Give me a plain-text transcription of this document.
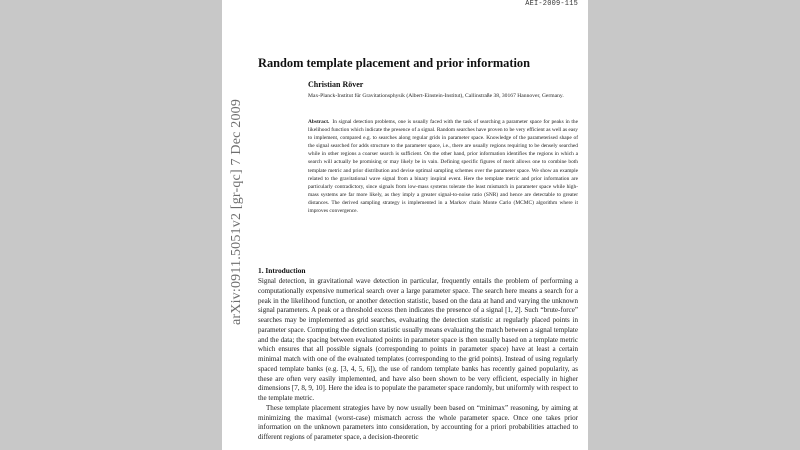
AEI-2009-115
Random template placement and prior information
Christian Röver
Max-Planck-Institut für Gravitationsphysik (Albert-Einstein-Institut), Callinstraße 38, 30167 Hannover, Germany.
Abstract. In signal detection problems, one is usually faced with the task of searching a parameter space for peaks in the likelihood function which indicate the presence of a signal. Random searches have proven to be very efficient as well as easy to implement, compared e.g. to searches along regular grids in parameter space. Knowledge of the parameterised shape of the signal searched for adds structure to the parameter space, i.e., there are usually regions requiring to be densely searched while in other regions a coarser search is sufficient. On the other hand, prior information identifies the regions in which a search will actually be promising or may likely be in vain. Defining specific figures of merit allows one to combine both template metric and prior distribution and devise optimal sampling schemes over the parameter space. We show an example related to the gravitational wave signal from a binary inspiral event. Here the template metric and prior information are particularly contradictory, since signals from low-mass systems tolerate the least mismatch in parameter space while high-mass systems are far more likely, as they imply a greater signal-to-noise ratio (SNR) and hence are detectable to greater distances. The derived sampling strategy is implemented in a Markov chain Monte Carlo (MCMC) algorithm where it improves convergence.
1. Introduction

Signal detection, in gravitational wave detection in particular, frequently entails the problem of performing a computationally expensive numerical search over a large parameter space. The search here means a search for a peak in the likelihood function, or another detection statistic, based on the data at hand and varying the unknown signal parameters. A peak or a threshold excess then indicates the presence of a signal [1, 2]. Such “brute-force” searches may be implemented as grid searches, evaluating the detection statistic at regularly placed points in parameter space. Computing the detection statistic usually means evaluating the match between a signal template and the data; the spacing between evaluated points in parameter space is then usually based on a template metric which ensures that all possible signals (corresponding to points in parameter space) have at least a certain minimal match with one of the evaluated templates (corresponding to the grid points). Instead of using regularly spaced template banks (e.g. [3, 4, 5, 6]), the use of random template banks has recently gained popularity, as these are often very easily implemented, and have also been shown to be very efficient, especially in higher dimensions [7, 8, 9, 10]. Here the idea is to populate the parameter space randomly, but uniformly with respect to the template metric.

These template placement strategies have by now usually been based on “minimax” reasoning, by aiming at minimizing the maximal (worst-case) mismatch across the whole parameter space. Once one takes prior information on the unknown parameters into consideration, by accounting for a priori probabilities attached to different regions of parameter space, a decision-theoretic

arXiv:0911.5051v2 [gr-qc] 7 Dec 2009
